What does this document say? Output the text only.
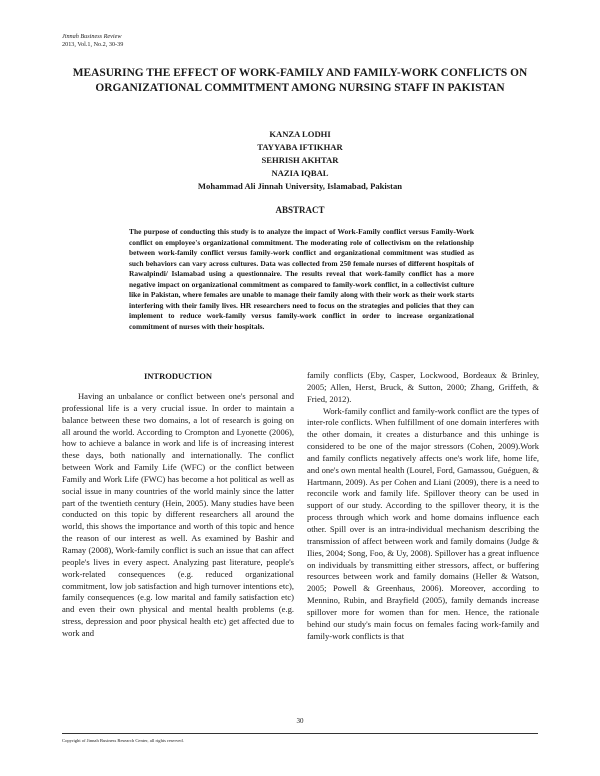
Jinnah Business Review
2013, Vol.1, No.2, 30-39
MEASURING THE EFFECT OF WORK-FAMILY AND FAMILY-WORK CONFLICTS ON ORGANIZATIONAL COMMITMENT AMONG NURSING STAFF IN PAKISTAN
KANZA LODHI
TAYYABA IFTIKHAR
SEHRISH AKHTAR
NAZIA IQBAL
Mohammad Ali Jinnah University, Islamabad, Pakistan
ABSTRACT
The purpose of conducting this study is to analyze the impact of Work-Family conflict versus Family-Work conflict on employee's organizational commitment. The moderating role of collectivism on the relationship between work-family conflict versus family-work conflict and organizational commitment was studied as such behaviors can vary across cultures. Data was collected from 250 female nurses of different hospitals of Rawalpindi/ Islamabad using a questionnaire. The results reveal that work-family conflict has a more negative impact on organizational commitment as compared to family-work conflict, in a collectivist culture like in Pakistan, where females are unable to manage their family along with their work as their work starts interfering with their family lives. HR researchers need to focus on the strategies and policies that they can implement to reduce work-family versus family-work conflict in order to increase organizational commitment of nurses with their hospitals.
INTRODUCTION

Having an unbalance or conflict between one's personal and professional life is a very crucial issue. In order to maintain a balance between these two domains, a lot of research is going on all around the world. According to Crompton and Lyonette (2006), how to achieve a balance in work and life is of increasing interest these days, both nationally and internationally. The conflict between Work and Family Life (WFC) or the conflict between Family and Work Life (FWC) has become a hot political as well as social issue in many countries of the world mainly since the latter part of the twentieth century (Hein, 2005). Many studies have been conducted on this topic by different researchers all around the world, this shows the importance and worth of this topic and hence the reason of our interest as well. As examined by Bashir and Ramay (2008), Work-family conflict is such an issue that can affect people's lives in every aspect. Analyzing past literature, people's work-related consequences (e.g. reduced organizational commitment, low job satisfaction and high turnover intentions etc), family consequences (e.g. low marital and family satisfaction etc) and even their own physical and mental health problems (e.g. stress, depression and poor physical health etc) get affected due to work and

family conflicts (Eby, Casper, Lockwood, Bordeaux & Brinley, 2005; Allen, Herst, Bruck, & Sutton, 2000; Zhang, Griffeth, & Fried, 2012).

Work-family conflict and family-work conflict are the types of inter-role conflicts. When fulfillment of one domain interferes with the other domain, it creates a disturbance and this unhinge is considered to be one of the major stressors (Cohen, 2009).Work and family conflicts negatively affects one's work life, home life, and one's own mental health (Lourel, Ford, Gamassou, Guéguen, & Hartmann, 2009). As per Cohen and Liani (2009), there is a need to reconcile work and family life. Spillover theory can be used in support of our study. According to the spillover theory, it is the process through which work and home domains influence each other. Spill over is an intra-individual mechanism describing the transmission of affect between work and family domains (Judge & Ilies, 2004; Song, Foo, & Uy, 2008). Spillover has a great influence on individuals by transmitting either stressors, affect, or buffering resources between work and family domains (Heller & Watson, 2005; Powell & Greenhaus, 2006). Moreover, according to Mennino, Rubin, and Brayfield (2005), family demands increase spillover more for women than for men. Hence, the rationale behind our study's main focus on females facing work-family and family-work conflicts is that

30
Copyright of Jinnah Business Research Center, all rights reserved.
